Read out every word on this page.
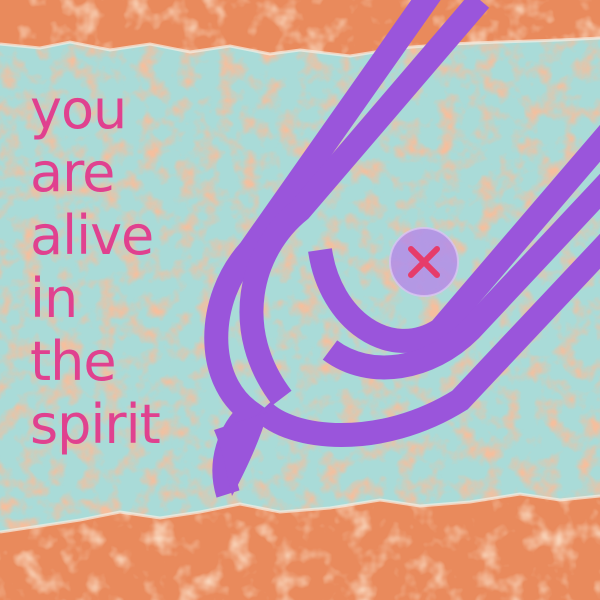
you
are
alive
in
the
spirit
